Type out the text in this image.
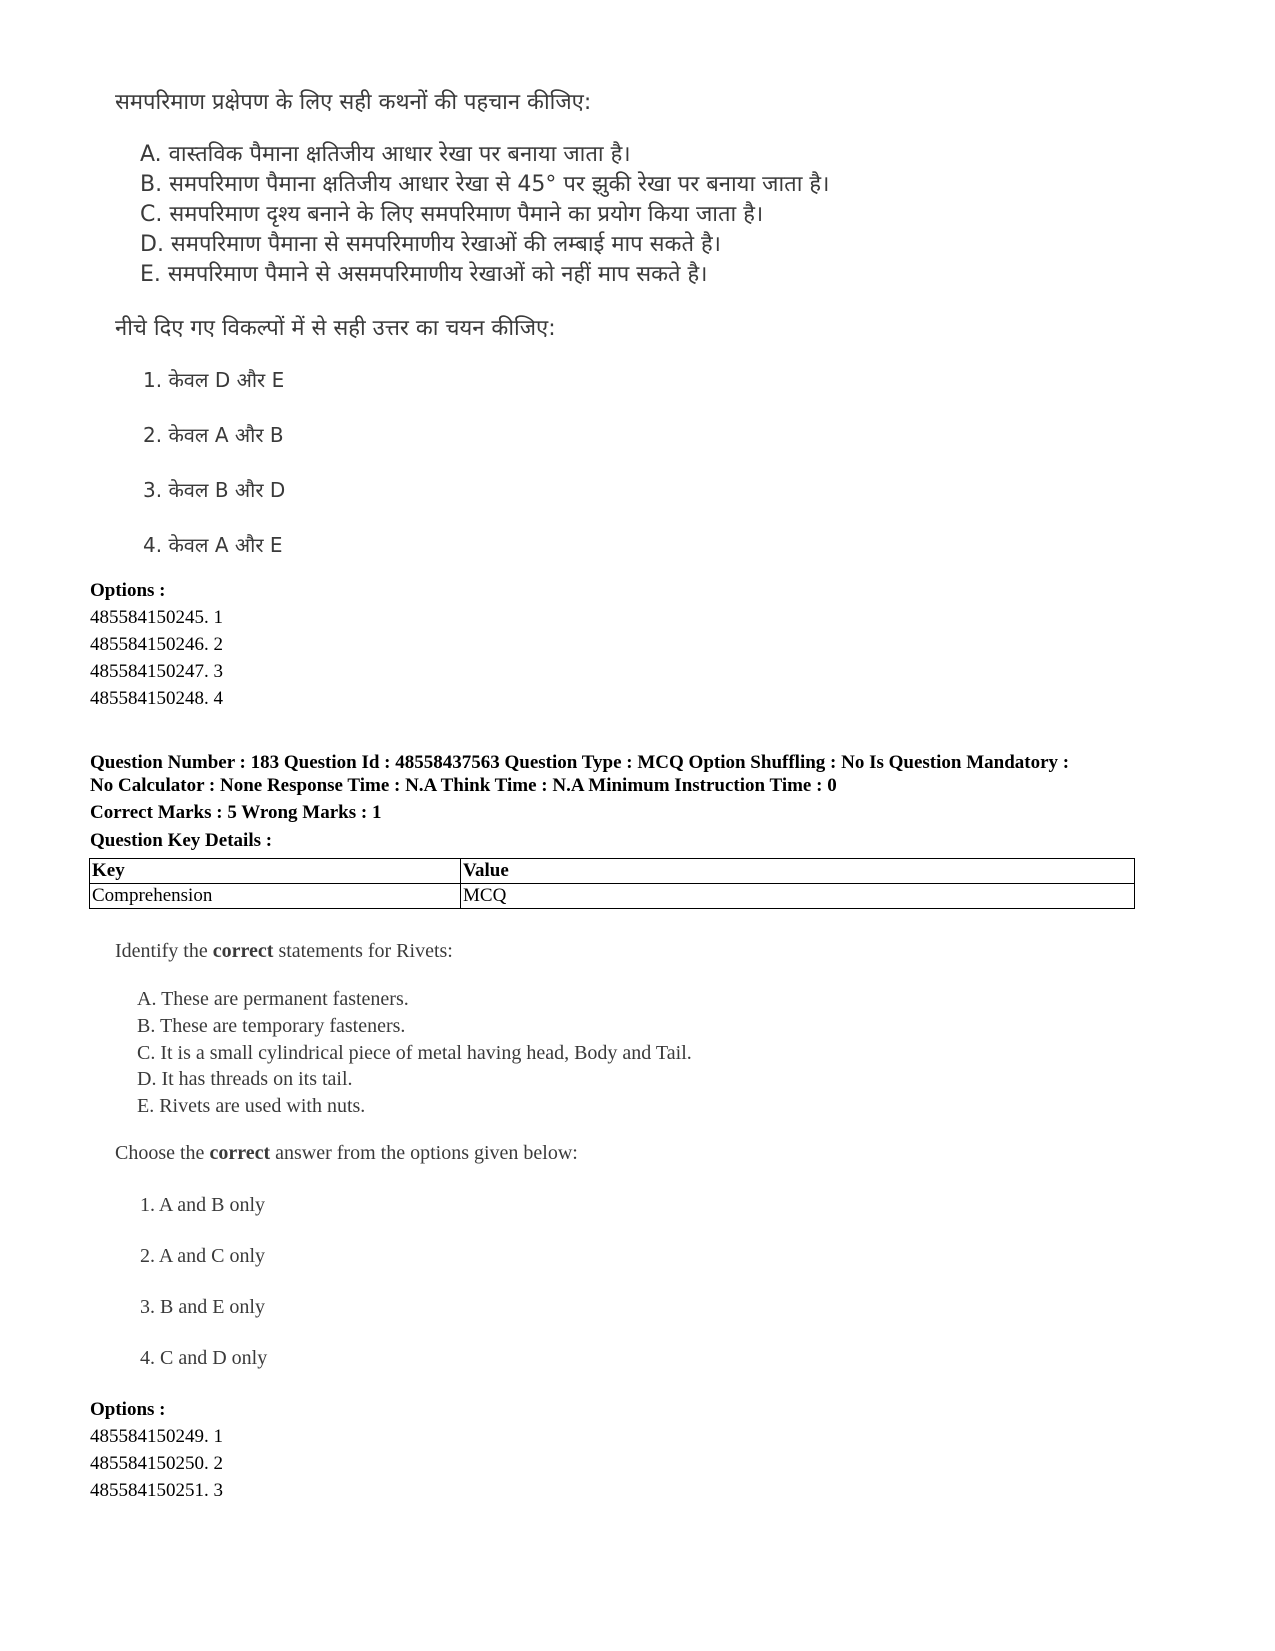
समपरिमाण प्रक्षेपण के लिए सही कथनों की पहचान कीजिए:
A. वास्तविक पैमाना क्षतिजीय आधार रेखा पर बनाया जाता है।
B. समपरिमाण पैमाना क्षतिजीय आधार रेखा से 45° पर झुकी रेखा पर बनाया जाता है।
C. समपरिमाण दृश्य बनाने के लिए समपरिमाण पैमाने का प्रयोग किया जाता है।
D. समपरिमाण पैमाना से समपरिमाणीय रेखाओं की लम्बाई माप सकते है।
E. समपरिमाण पैमाने से असमपरिमाणीय रेखाओं को नहीं माप सकते है।
नीचे दिए गए विकल्पों में से सही उत्तर का चयन कीजिए:
1. केवल D और E
2. केवल A और B
3. केवल B और D
4. केवल A और E
Options :
485584150245. 1
485584150246. 2
485584150247. 3
485584150248. 4
Question Number : 183 Question Id : 48558437563 Question Type : MCQ Option Shuffling : No Is Question Mandatory :
No Calculator : None Response Time : N.A Think Time : N.A Minimum Instruction Time : 0
Correct Marks : 5 Wrong Marks : 1
Question Key Details :
Key	Value
Comprehension	MCQ
Identify the correct statements for Rivets:
A. These are permanent fasteners.
B. These are temporary fasteners.
C. It is a small cylindrical piece of metal having head, Body and Tail.
D. It has threads on its tail.
E. Rivets are used with nuts.
Choose the correct answer from the options given below:
1. A and B only
2. A and C only
3. B and E only
4. C and D only
Options :
485584150249. 1
485584150250. 2
485584150251. 3
